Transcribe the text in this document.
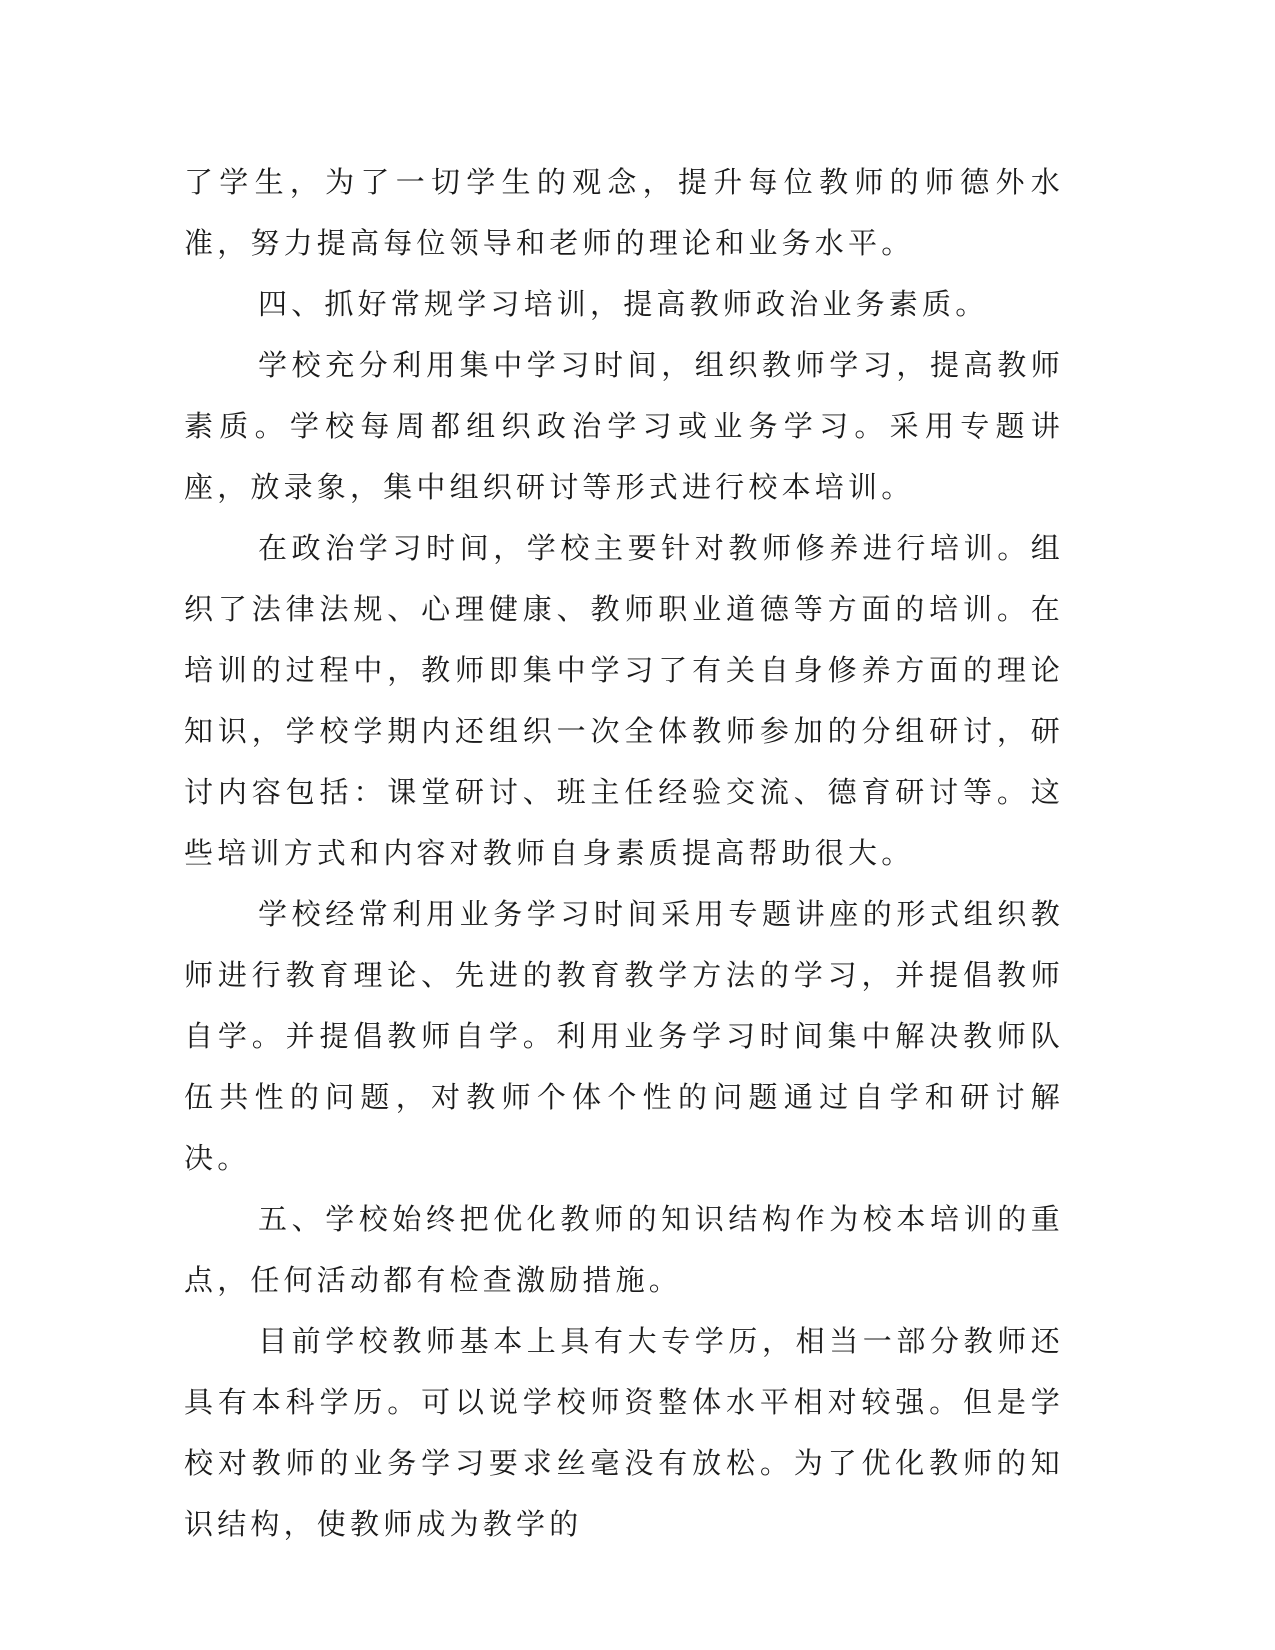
了学生，为了一切学生的观念，提升每位教师的师德外水准，努力提高每位领导和老师的理论和业务水平。

四、抓好常规学习培训，提高教师政治业务素质。

学校充分利用集中学习时间，组织教师学习，提高教师素质。学校每周都组织政治学习或业务学习。采用专题讲座，放录象，集中组织研讨等形式进行校本培训。

在政治学习时间，学校主要针对教师修养进行培训。组织了法律法规、心理健康、教师职业道德等方面的培训。在培训的过程中，教师即集中学习了有关自身修养方面的理论知识，学校学期内还组织一次全体教师参加的分组研讨，研讨内容包括：课堂研讨、班主任经验交流、德育研讨等。这些培训方式和内容对教师自身素质提高帮助很大。

学校经常利用业务学习时间采用专题讲座的形式组织教师进行教育理论、先进的教育教学方法的学习，并提倡教师自学。并提倡教师自学。利用业务学习时间集中解决教师队伍共性的问题，对教师个体个性的问题通过自学和研讨解决。

五、学校始终把优化教师的知识结构作为校本培训的重点，任何活动都有检查激励措施。

目前学校教师基本上具有大专学历，相当一部分教师还具有本科学历。可以说学校师资整体水平相对较强。但是学校对教师的业务学习要求丝毫没有放松。为了优化教师的知识结构，使教师成为教学的
